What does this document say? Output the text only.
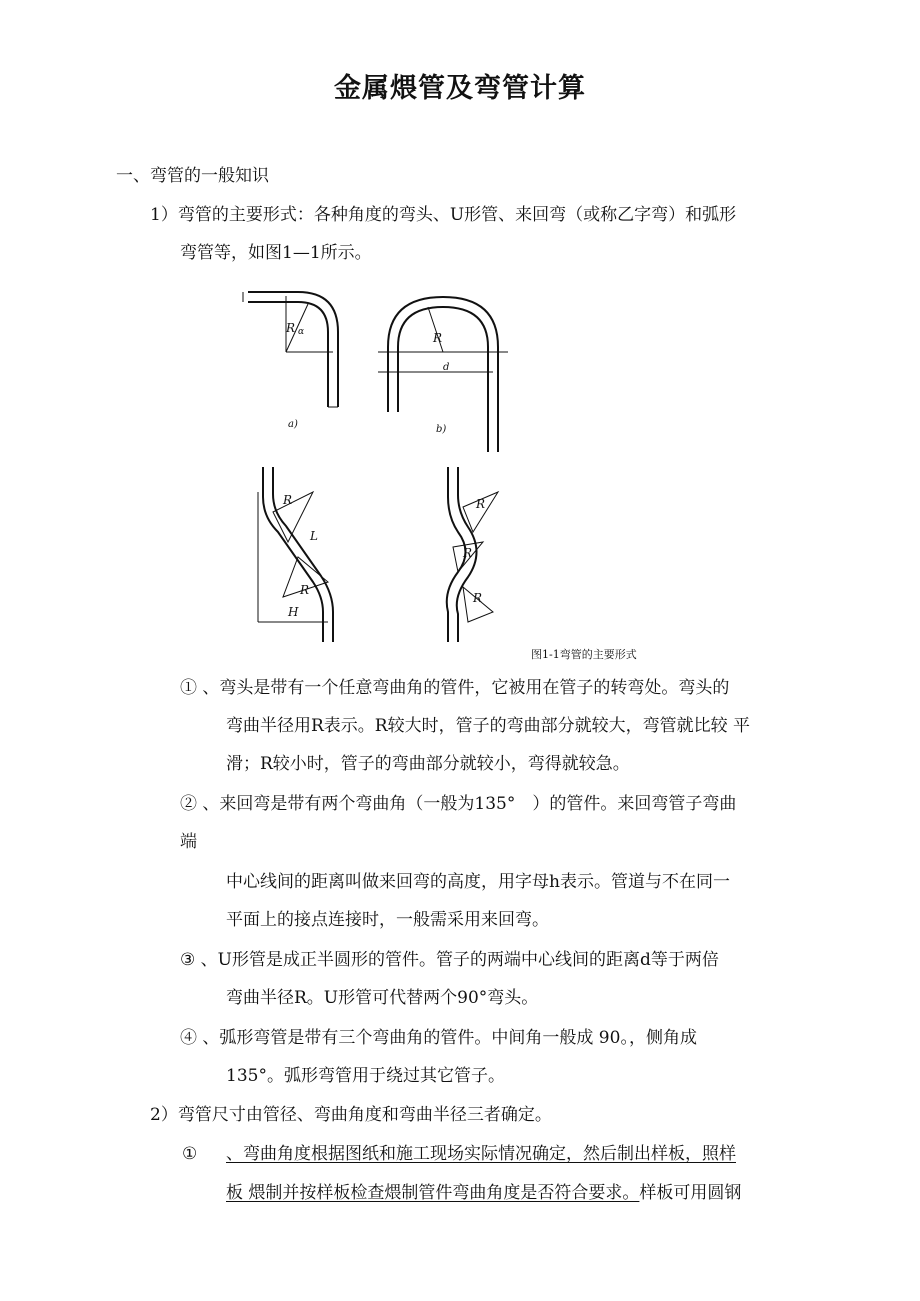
金属煨管及弯管计算
一、弯管的一般知识
1）弯管的主要形式：各种角度的弯头、U形管、来回弯（或称乙字弯）和弧形
弯管等，如图1—1所示。
R α
a)
R
d
b)
R
L
R
H
R
R
R
图1-1弯管的主要形式
① 、弯头是带有一个任意弯曲角的管件，它被用在管子的转弯处。弯头的
弯曲半径用R表示。R较大时，管子的弯曲部分就较大，弯管就比较 平
滑；R较小时，管子的弯曲部分就较小，弯得就较急。
② 、来回弯是带有两个弯曲角（一般为135°　）的管件。来回弯管子弯曲
端
中心线间的距离叫做来回弯的高度，用字母h表示。管道与不在同一
平面上的接点连接时，一般需采用来回弯。
③ 、U形管是成正半圆形的管件。管子的两端中心线间的距离d等于两倍
弯曲半径R。U形管可代替两个90°弯头。
④ 、弧形弯管是带有三个弯曲角的管件。中间角一般成 90。，侧角成
135°。弧形弯管用于绕过其它管子。
2）弯管尺寸由管径、弯曲角度和弯曲半径三者确定。
① 、弯曲角度根据图纸和施工现场实际情况确定，然后制出样板，照样
板 煨制并按样板检查煨制管件弯曲角度是否符合要求。样板可用圆钢
